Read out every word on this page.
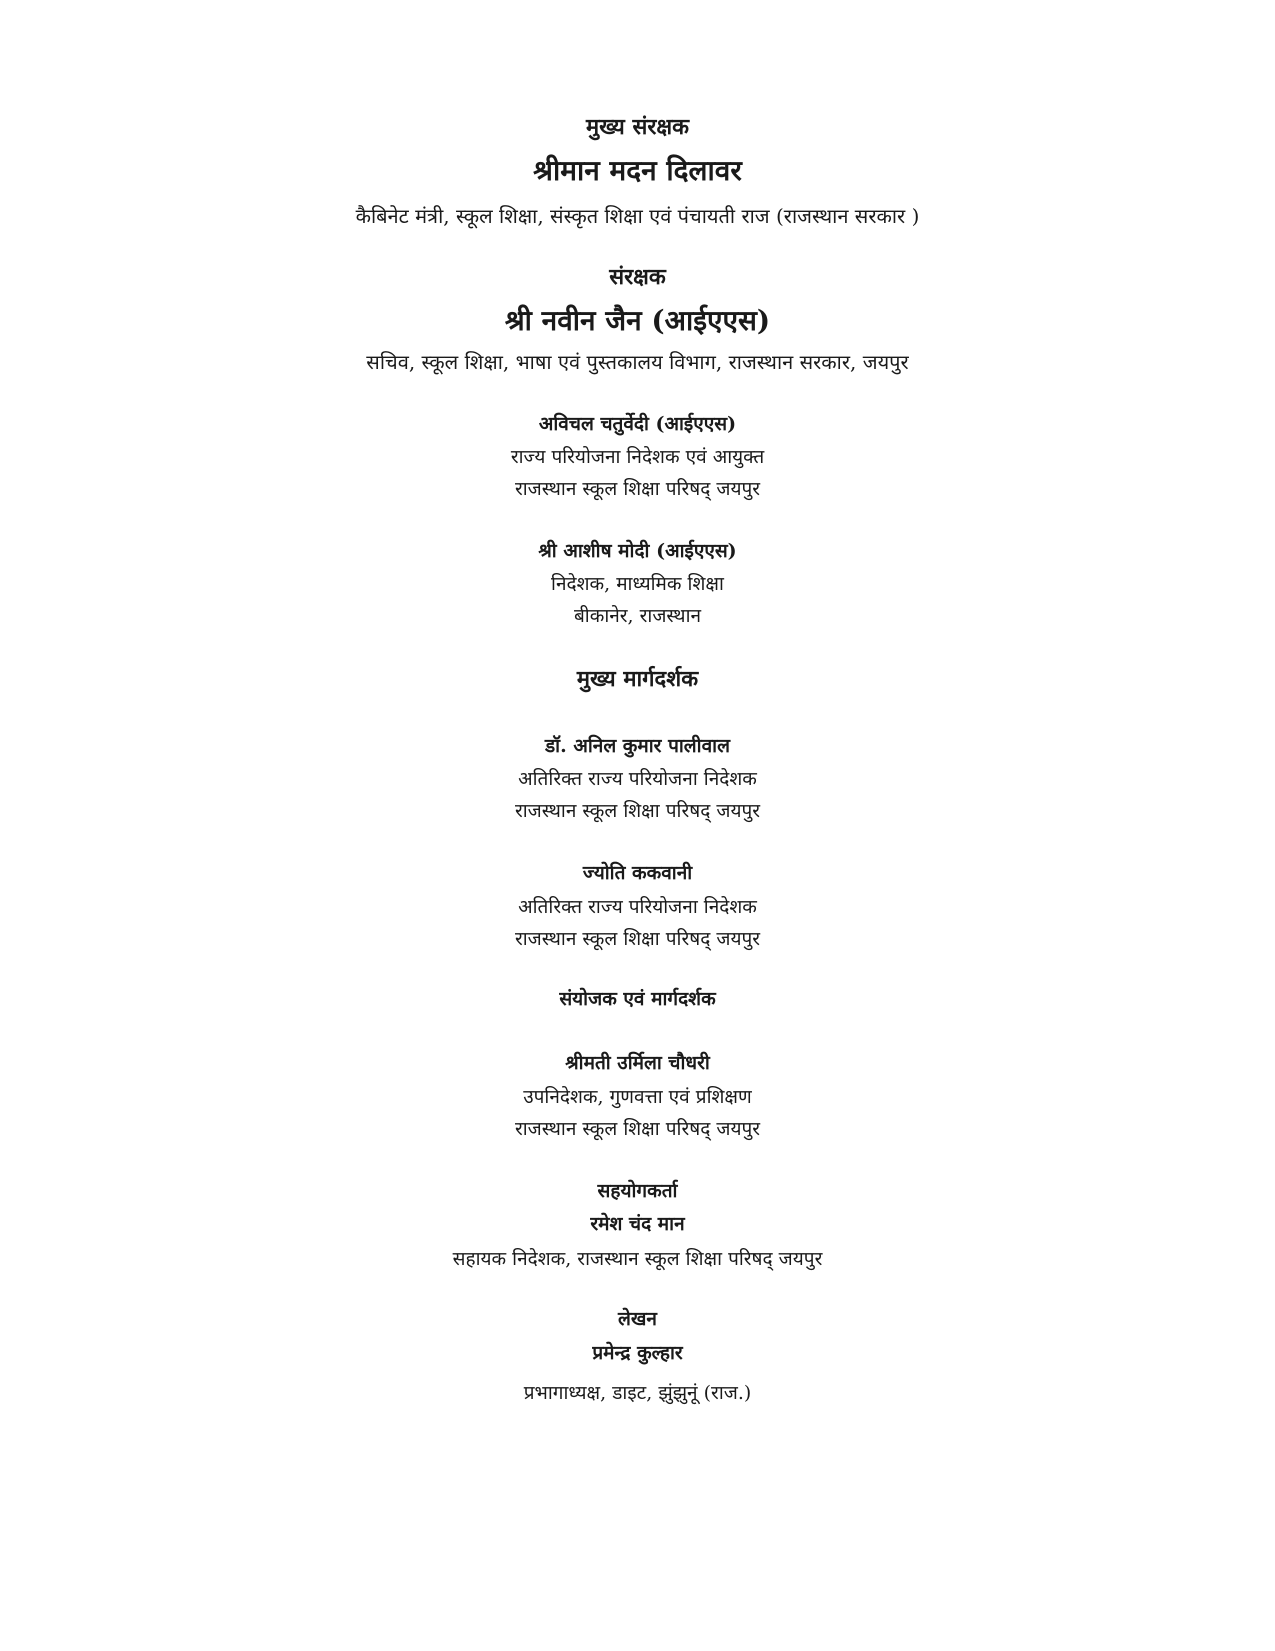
मुख्य संरक्षक
श्रीमान मदन दिलावर
कैबिनेट मंत्री, स्कूल शिक्षा, संस्कृत शिक्षा एवं पंचायती राज (राजस्थान सरकार )
संरक्षक
श्री नवीन जैन (आईएएस)
सचिव, स्कूल शिक्षा, भाषा एवं पुस्तकालय विभाग, राजस्थान सरकार, जयपुर
अविचल चतुर्वेदी (आईएएस)
राज्य परियोजना निदेशक एवं आयुक्त
राजस्थान स्कूल शिक्षा परिषद् जयपुर
श्री आशीष मोदी (आईएएस)
निदेशक, माध्यमिक शिक्षा
बीकानेर, राजस्थान
मुख्य मार्गदर्शक
डॉ. अनिल कुमार पालीवाल
अतिरिक्त राज्य परियोजना निदेशक
राजस्थान स्कूल शिक्षा परिषद् जयपुर
ज्योति ककवानी
अतिरिक्त राज्य परियोजना निदेशक
राजस्थान स्कूल शिक्षा परिषद् जयपुर
संयोजक एवं मार्गदर्शक
श्रीमती उर्मिला चौधरी
उपनिदेशक, गुणवत्ता एवं प्रशिक्षण
राजस्थान स्कूल शिक्षा परिषद् जयपुर
सहयोगकर्ता
रमेश चंद मान
सहायक निदेशक, राजस्थान स्कूल शिक्षा परिषद् जयपुर
लेखन
प्रमेन्द्र कुल्हार
प्रभागाध्यक्ष, डाइट, झुंझुनूं (राज.)
